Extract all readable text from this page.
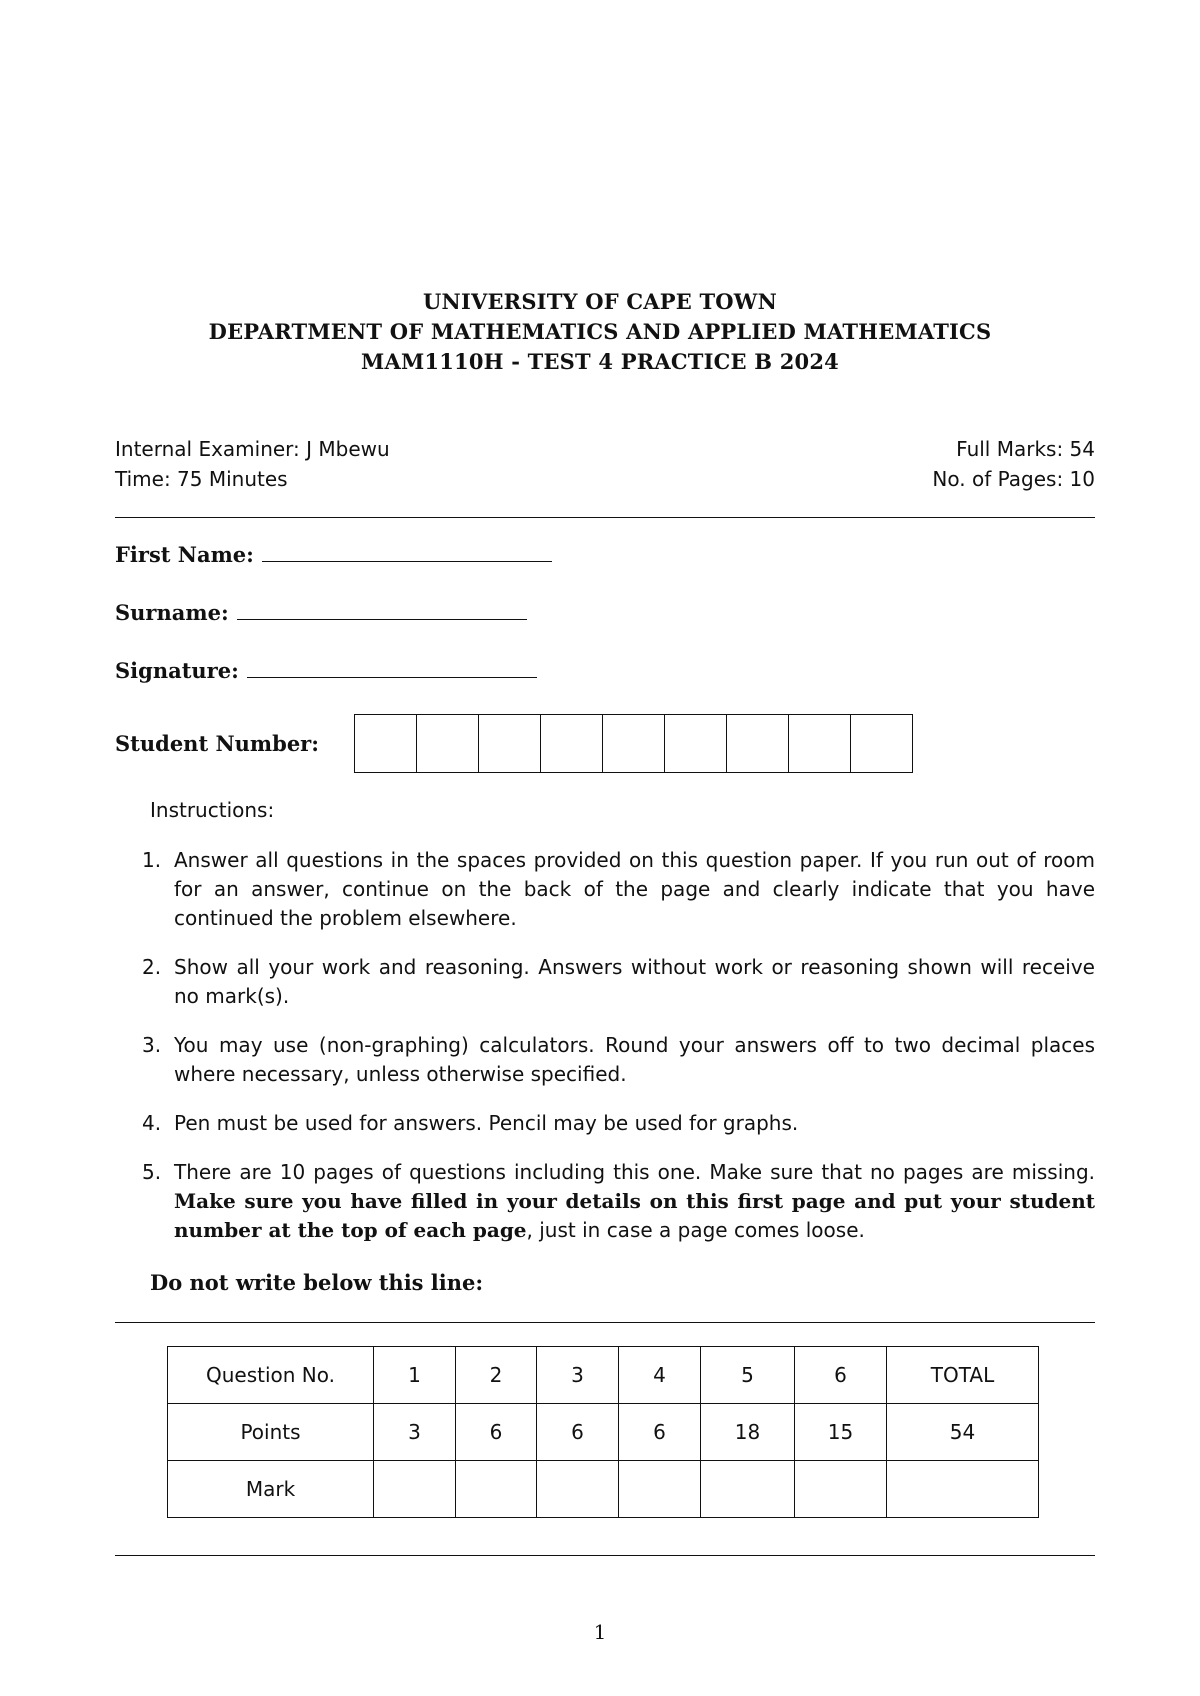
UNIVERSITY OF CAPE TOWN
DEPARTMENT OF MATHEMATICS AND APPLIED MATHEMATICS
MAM1110H - TEST 4 PRACTICE B 2024
Internal Examiner: J Mbewu	Full Marks: 54
Time: 75 Minutes	No. of Pages: 10
First Name:
Surname:
Signature:
Student Number:
Instructions:
1. Answer all questions in the spaces provided on this question paper. If you run out of room for an answer, continue on the back of the page and clearly indicate that you have continued the problem elsewhere.
2. Show all your work and reasoning. Answers without work or reasoning shown will receive no mark(s).
3. You may use (non-graphing) calculators. Round your answers off to two decimal places where necessary, unless otherwise specified.
4. Pen must be used for answers. Pencil may be used for graphs.
5. There are 10 pages of questions including this one. Make sure that no pages are missing. Make sure you have filled in your details on this first page and put your student number at the top of each page, just in case a page comes loose.
Do not write below this line:
Question No.	1	2	3	4	5	6	TOTAL
Points	3	6	6	6	18	15	54
Mark							
1
